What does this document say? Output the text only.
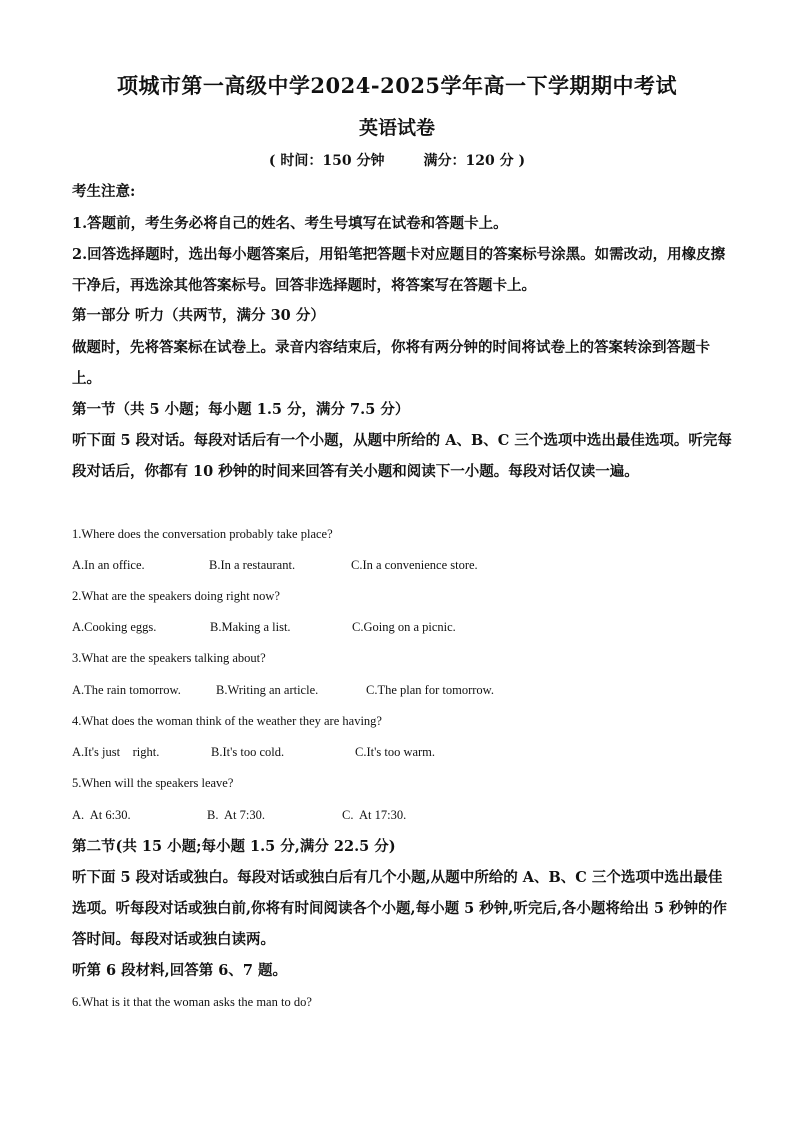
项城市第一高级中学2024-2025学年高一下学期期中考试
英语试卷
( 时间：150 分钟        满分：120 分 )
考生注意:
1.答题前，考生务必将自己的姓名、考生号填写在试卷和答题卡上。
2.回答选择题时，选出每小题答案后，用铅笔把答题卡对应题目的答案标号涂黑。如需改动，用橡皮擦干净后，再选涂其他答案标号。回答非选择题时，将答案写在答题卡上。
第一部分 听力（共两节，满分 30 分）
做题时，先将答案标在试卷上。录音内容结束后，你将有两分钟的时间将试卷上的答案转涂到答题卡上。
第一节（共 5 小题；每小题 1.5 分，满分 7.5 分）
听下面 5 段对话。每段对话后有一个小题，从题中所给的 A、B、C 三个选项中选出最佳选项。听完每段对话后，你都有 10 秒钟的时间来回答有关小题和阅读下一小题。每段对话仅读一遍。
1.Where does the conversation probably take place?
A.In an office.	B.In a restaurant.	C.In a convenience store.
2.What are the speakers doing right now?
A.Cooking eggs.	B.Making a list.	C.Going on a picnic.
3.What are the speakers talking about?
A.The rain tomorrow.	B.Writing an article.	C.The plan for tomorrow.
4.What does the woman think of the weather they are having?
A.It's just    right.	B.It's too cold.	C.It's too warm.
5.When will the speakers leave?
A.  At 6:30.	B.  At 7:30.	C.  At 17:30.
第二节(共 15 小题;每小题 1.5 分,满分 22.5 分)
听下面 5 段对话或独白。每段对话或独白后有几个小题,从题中所给的 A、B、C 三个选项中选出最佳选项。听每段对话或独白前,你将有时间阅读各个小题,每小题 5 秒钟,听完后,各小题将给出 5 秒钟的作答时间。每段对话或独白读两。
听第 6 段材料,回答第 6、7 题。
6.What is it that the woman asks the man to do?
